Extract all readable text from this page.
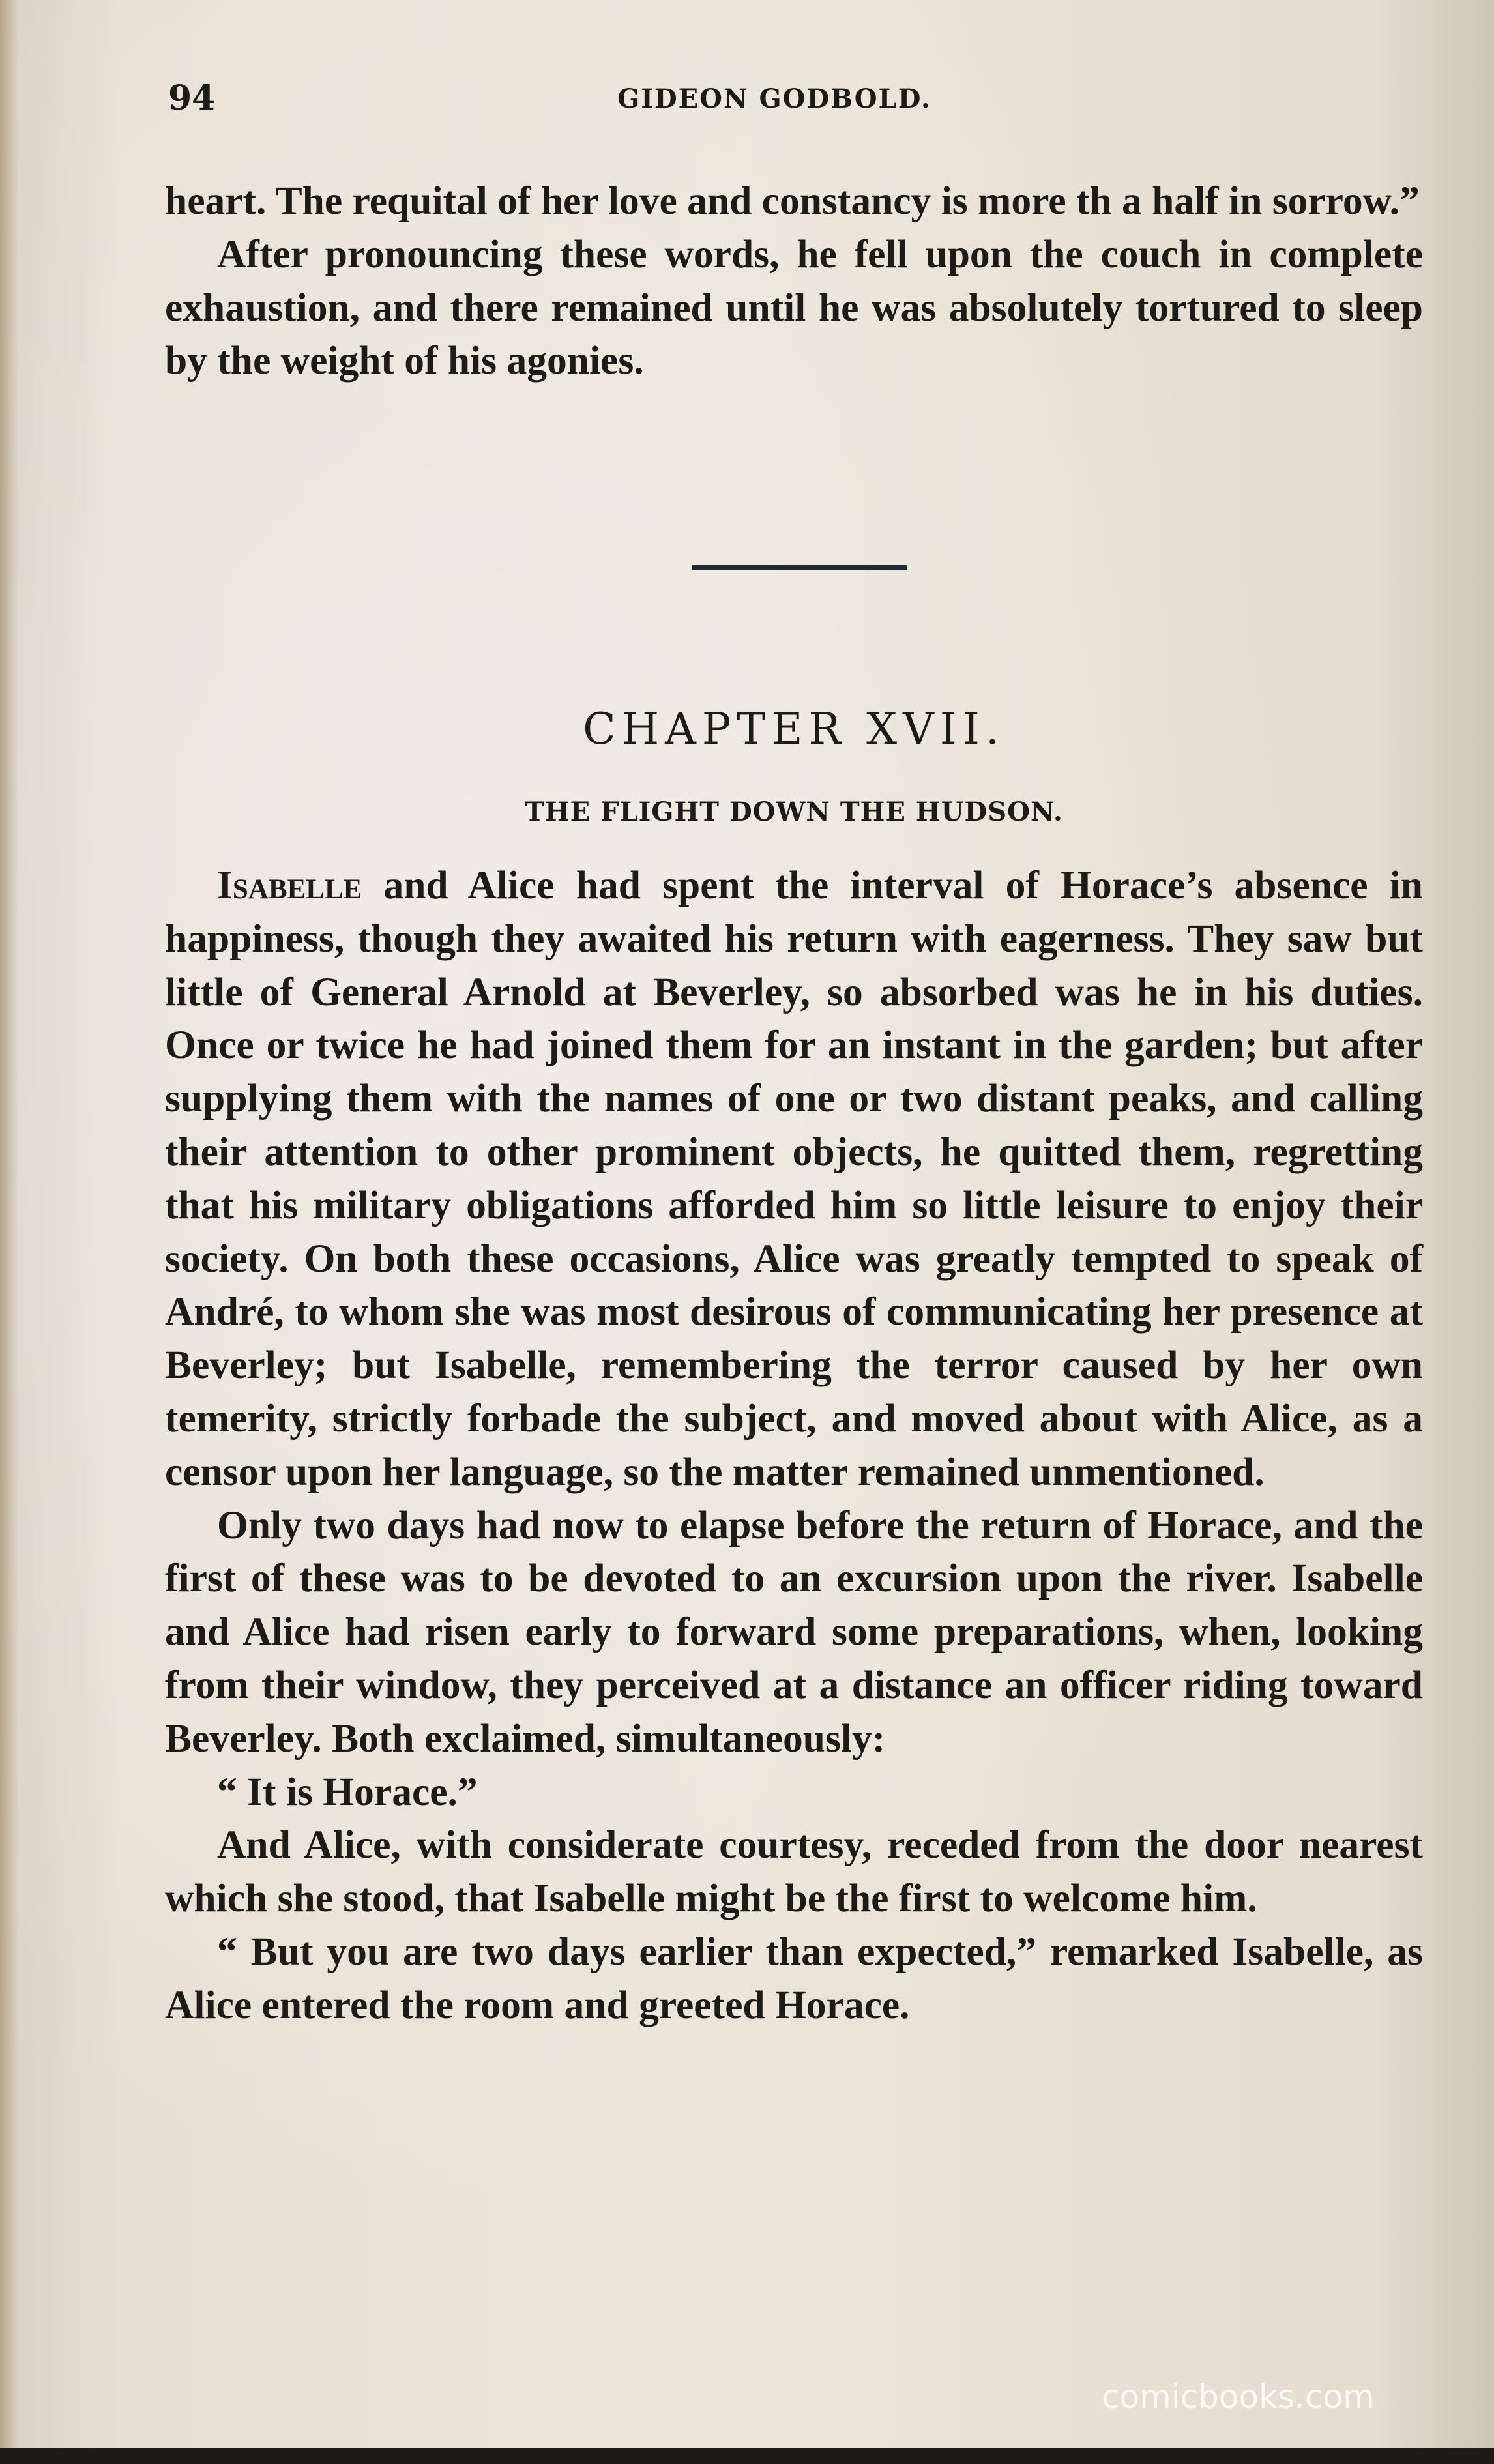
94	GIDEON GODBOLD.

heart. The requital of her love and constancy is more th a half in sorrow.”

After pronouncing these words, he fell upon the couch in complete exhaustion, and there remained until he was absolutely tortured to sleep by the weight of his agonies.

CHAPTER XVII.
THE FLIGHT DOWN THE HUDSON.

Isabelle and Alice had spent the interval of Horace’s absence in happiness, though they awaited his return with eagerness. They saw but little of General Arnold at Beverley, so absorbed was he in his duties. Once or twice he had joined them for an instant in the garden; but after supplying them with the names of one or two distant peaks, and calling their attention to other prominent objects, he quitted them, regretting that his military obligations afforded him so little leisure to enjoy their society. On both these occasions, Alice was greatly tempted to speak of André, to whom she was most desirous of communicating her presence at Beverley; but Isabelle, remembering the terror caused by her own temerity, strictly forbade the subject, and moved about with Alice, as a censor upon her language, so the matter remained unmentioned.

Only two days had now to elapse before the return of Horace, and the first of these was to be devoted to an excursion upon the river. Isabelle and Alice had risen early to forward some preparations, when, looking from their window, they perceived at a distance an officer riding toward Beverley. Both exclaimed, simultaneously:

“ It is Horace.”

And Alice, with considerate courtesy, receded from the door nearest which she stood, that Isabelle might be the first to welcome him.

“ But you are two days earlier than expected,” remarked Isabelle, as Alice entered the room and greeted Horace.

comicbooks.com
